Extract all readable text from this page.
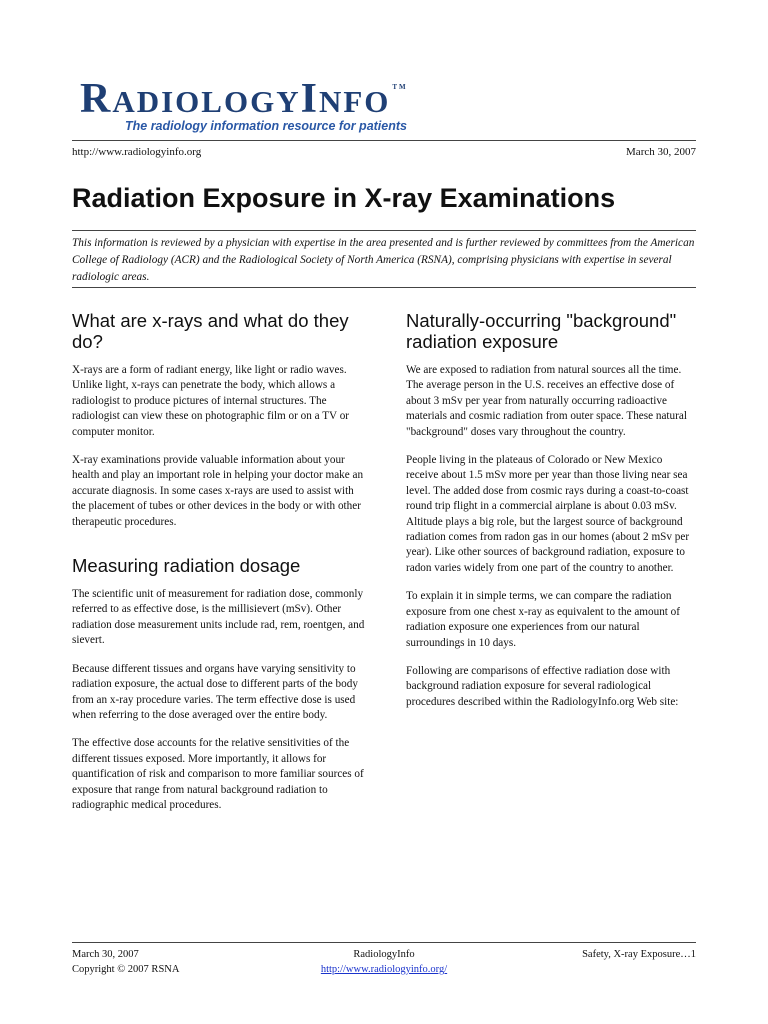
RADIOLOGYINFO ™
The radiology information resource for patients
http://www.radiologyinfo.org	March 30, 2007
Radiation Exposure in X-ray Examinations

This information is reviewed by a physician with expertise in the area presented and is further reviewed by committees from the American College of Radiology (ACR) and the Radiological Society of North America (RSNA), comprising physicians with expertise in several radiologic areas.

What are x-rays and what do they do?

X-rays are a form of radiant energy, like light or radio waves. Unlike light, x-rays can penetrate the body, which allows a radiologist to produce pictures of internal structures. The radiologist can view these on photographic film or on a TV or computer monitor.

X-ray examinations provide valuable information about your health and play an important role in helping your doctor make an accurate diagnosis. In some cases x-rays are used to assist with the placement of tubes or other devices in the body or with other therapeutic procedures.

Measuring radiation dosage

The scientific unit of measurement for radiation dose, commonly referred to as effective dose, is the millisievert (mSv). Other radiation dose measurement units include rad, rem, roentgen, and sievert.

Because different tissues and organs have varying sensitivity to radiation exposure, the actual dose to different parts of the body from an x-ray procedure varies. The term effective dose is used when referring to the dose averaged over the entire body.

The effective dose accounts for the relative sensitivities of the different tissues exposed. More importantly, it allows for quantification of risk and comparison to more familiar sources of exposure that range from natural background radiation to radiographic medical procedures.

Naturally-occurring "background" radiation exposure

We are exposed to radiation from natural sources all the time. The average person in the U.S. receives an effective dose of about 3 mSv per year from naturally occurring radioactive materials and cosmic radiation from outer space. These natural "background" doses vary throughout the country.

People living in the plateaus of Colorado or New Mexico receive about 1.5 mSv more per year than those living near sea level. The added dose from cosmic rays during a coast-to-coast round trip flight in a commercial airplane is about 0.03 mSv. Altitude plays a big role, but the largest source of background radiation comes from radon gas in our homes (about 2 mSv per year). Like other sources of background radiation, exposure to radon varies widely from one part of the country to another.

To explain it in simple terms, we can compare the radiation exposure from one chest x-ray as equivalent to the amount of radiation exposure one experiences from our natural surroundings in 10 days.

Following are comparisons of effective radiation dose with background radiation exposure for several radiological procedures described within the RadiologyInfo.org Web site:

March 30, 2007	RadiologyInfo	Safety, X-ray Exposure…1
Copyright © 2007 RSNA	http://www.radiologyinfo.org/
